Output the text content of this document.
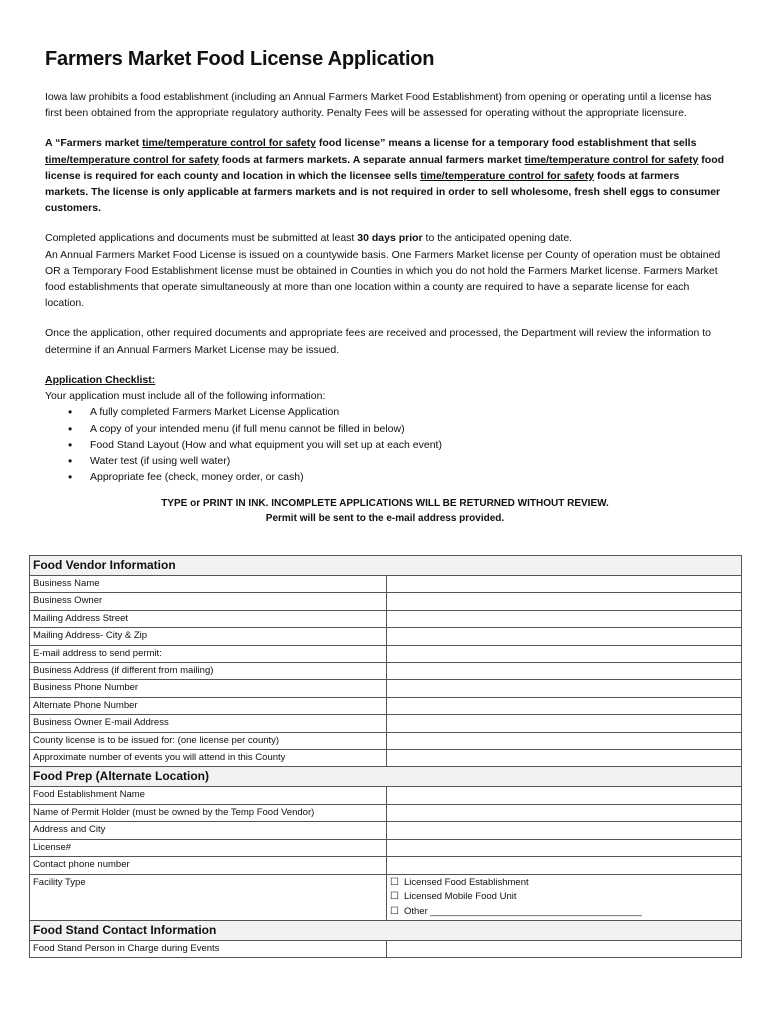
Farmers Market Food License Application

Iowa law prohibits a food establishment (including an Annual Farmers Market Food Establishment) from opening or operating until a license has first been obtained from the appropriate regulatory authority. Penalty Fees will be assessed for operating without the appropriate licensure.

A “Farmers market time/temperature control for safety food license” means a license for a temporary food establishment that sells time/temperature control for safety foods at farmers markets. A separate annual farmers market time/temperature control for safety food license is required for each county and location in which the licensee sells time/temperature control for safety foods at farmers markets. The license is only applicable at farmers markets and is not required in order to sell wholesome, fresh shell eggs to consumer customers.

Completed applications and documents must be submitted at least 30 days prior to the anticipated opening date.
An Annual Farmers Market Food License is issued on a countywide basis. One Farmers Market license per County of operation must be obtained OR a Temporary Food Establishment license must be obtained in Counties in which you do not hold the Farmers Market license. Farmers Market food establishments that operate simultaneously at more than one location within a county are required to have a separate license for each location.

Once the application, other required documents and appropriate fees are received and processed, the Department will review the information to determine if an Annual Farmers Market License may be issued.

Application Checklist:

Your application must include all of the following information:

• A fully completed Farmers Market License Application
• A copy of your intended menu (if full menu cannot be filled in below)
• Food Stand Layout (How and what equipment you will set up at each event)
• Water test (if using well water)
• Appropriate fee (check, money order, or cash)
TYPE or PRINT IN INK. INCOMPLETE APPLICATIONS WILL BE RETURNED WITHOUT REVIEW.
Permit will be sent to the e-mail address provided.
Food Vendor Information	
Business Name	
Business Owner	
Mailing Address Street	
Mailing Address- City & Zip	
E-mail address to send permit:	
Business Address (if different from mailing)	
Business Phone Number	
Alternate Phone Number	
Business Owner E-mail Address	
County license is to be issued for: (one license per county)	
Approximate number of events you will attend in this County	
Food Prep (Alternate Location)	
Food Establishment Name	
Name of Permit Holder (must be owned by the Temp Food Vendor)	
Address and City	
License#	
Contact phone number	
Facility Type	☐ Licensed Food Establishment
☐ Licensed Mobile Food Unit
☐ Other ________________________________________

Food Stand Contact Information	
Food Stand Person in Charge during Events	
